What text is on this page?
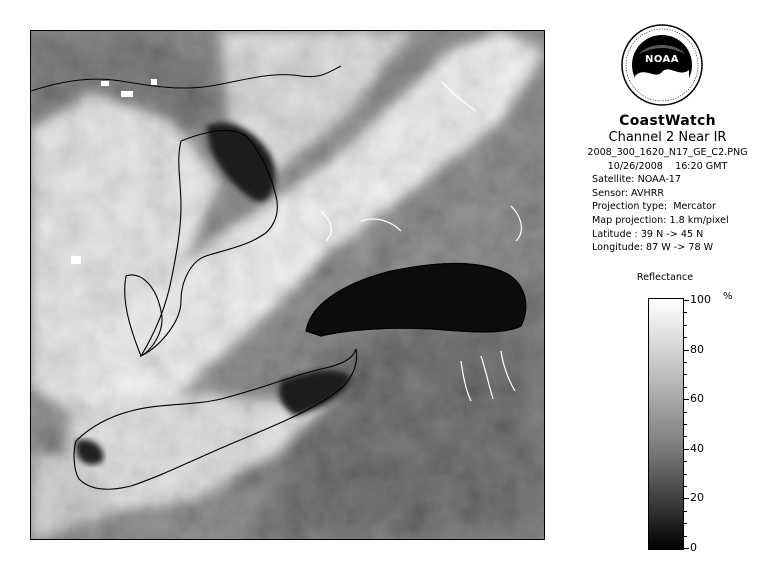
NOAA
CoastWatch
Channel 2 Near IR
2008_300_1620_N17_GE_C2.PNG
10/26/2008    16:20 GMT
Satellite: NOAA-17
Sensor: AVHRR
Projection type:  Mercator
Map projection: 1.8 km/pixel
Latitude : 39 N -> 45 N
Longitude: 87 W -> 78 W
Reflectance
%
100
80
60
40
20
0
